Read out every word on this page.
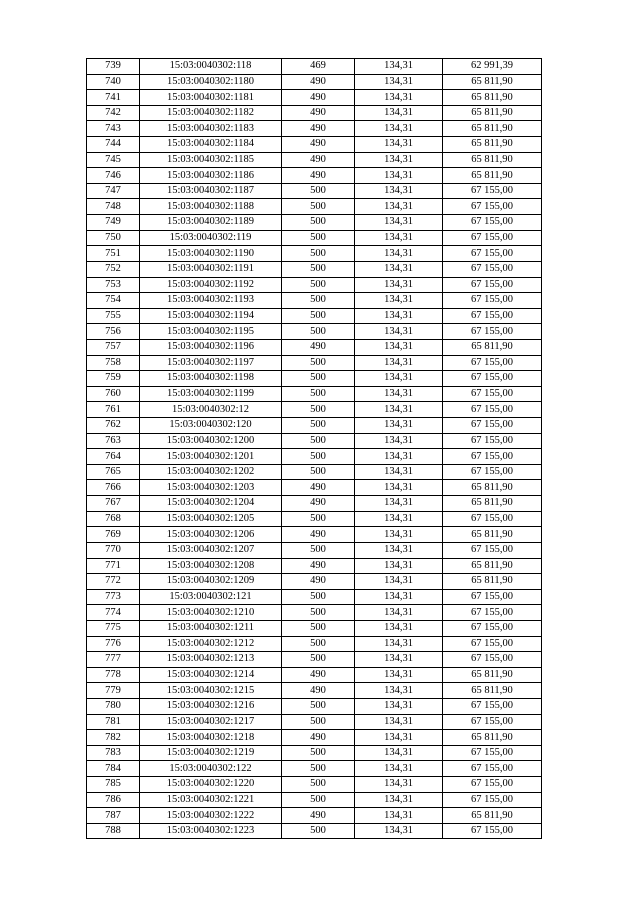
739	15:03:0040302:118	469	134,31	62 991,39
740	15:03:0040302:1180	490	134,31	65 811,90
741	15:03:0040302:1181	490	134,31	65 811,90
742	15:03:0040302:1182	490	134,31	65 811,90
743	15:03:0040302:1183	490	134,31	65 811,90
744	15:03:0040302:1184	490	134,31	65 811,90
745	15:03:0040302:1185	490	134,31	65 811,90
746	15:03:0040302:1186	490	134,31	65 811,90
747	15:03:0040302:1187	500	134,31	67 155,00
748	15:03:0040302:1188	500	134,31	67 155,00
749	15:03:0040302:1189	500	134,31	67 155,00
750	15:03:0040302:119	500	134,31	67 155,00
751	15:03:0040302:1190	500	134,31	67 155,00
752	15:03:0040302:1191	500	134,31	67 155,00
753	15:03:0040302:1192	500	134,31	67 155,00
754	15:03:0040302:1193	500	134,31	67 155,00
755	15:03:0040302:1194	500	134,31	67 155,00
756	15:03:0040302:1195	500	134,31	67 155,00
757	15:03:0040302:1196	490	134,31	65 811,90
758	15:03:0040302:1197	500	134,31	67 155,00
759	15:03:0040302:1198	500	134,31	67 155,00
760	15:03:0040302:1199	500	134,31	67 155,00
761	15:03:0040302:12	500	134,31	67 155,00
762	15:03:0040302:120	500	134,31	67 155,00
763	15:03:0040302:1200	500	134,31	67 155,00
764	15:03:0040302:1201	500	134,31	67 155,00
765	15:03:0040302:1202	500	134,31	67 155,00
766	15:03:0040302:1203	490	134,31	65 811,90
767	15:03:0040302:1204	490	134,31	65 811,90
768	15:03:0040302:1205	500	134,31	67 155,00
769	15:03:0040302:1206	490	134,31	65 811,90
770	15:03:0040302:1207	500	134,31	67 155,00
771	15:03:0040302:1208	490	134,31	65 811,90
772	15:03:0040302:1209	490	134,31	65 811,90
773	15:03:0040302:121	500	134,31	67 155,00
774	15:03:0040302:1210	500	134,31	67 155,00
775	15:03:0040302:1211	500	134,31	67 155,00
776	15:03:0040302:1212	500	134,31	67 155,00
777	15:03:0040302:1213	500	134,31	67 155,00
778	15:03:0040302:1214	490	134,31	65 811,90
779	15:03:0040302:1215	490	134,31	65 811,90
780	15:03:0040302:1216	500	134,31	67 155,00
781	15:03:0040302:1217	500	134,31	67 155,00
782	15:03:0040302:1218	490	134,31	65 811,90
783	15:03:0040302:1219	500	134,31	67 155,00
784	15:03:0040302:122	500	134,31	67 155,00
785	15:03:0040302:1220	500	134,31	67 155,00
786	15:03:0040302:1221	500	134,31	67 155,00
787	15:03:0040302:1222	490	134,31	65 811,90
788	15:03:0040302:1223	500	134,31	67 155,00
